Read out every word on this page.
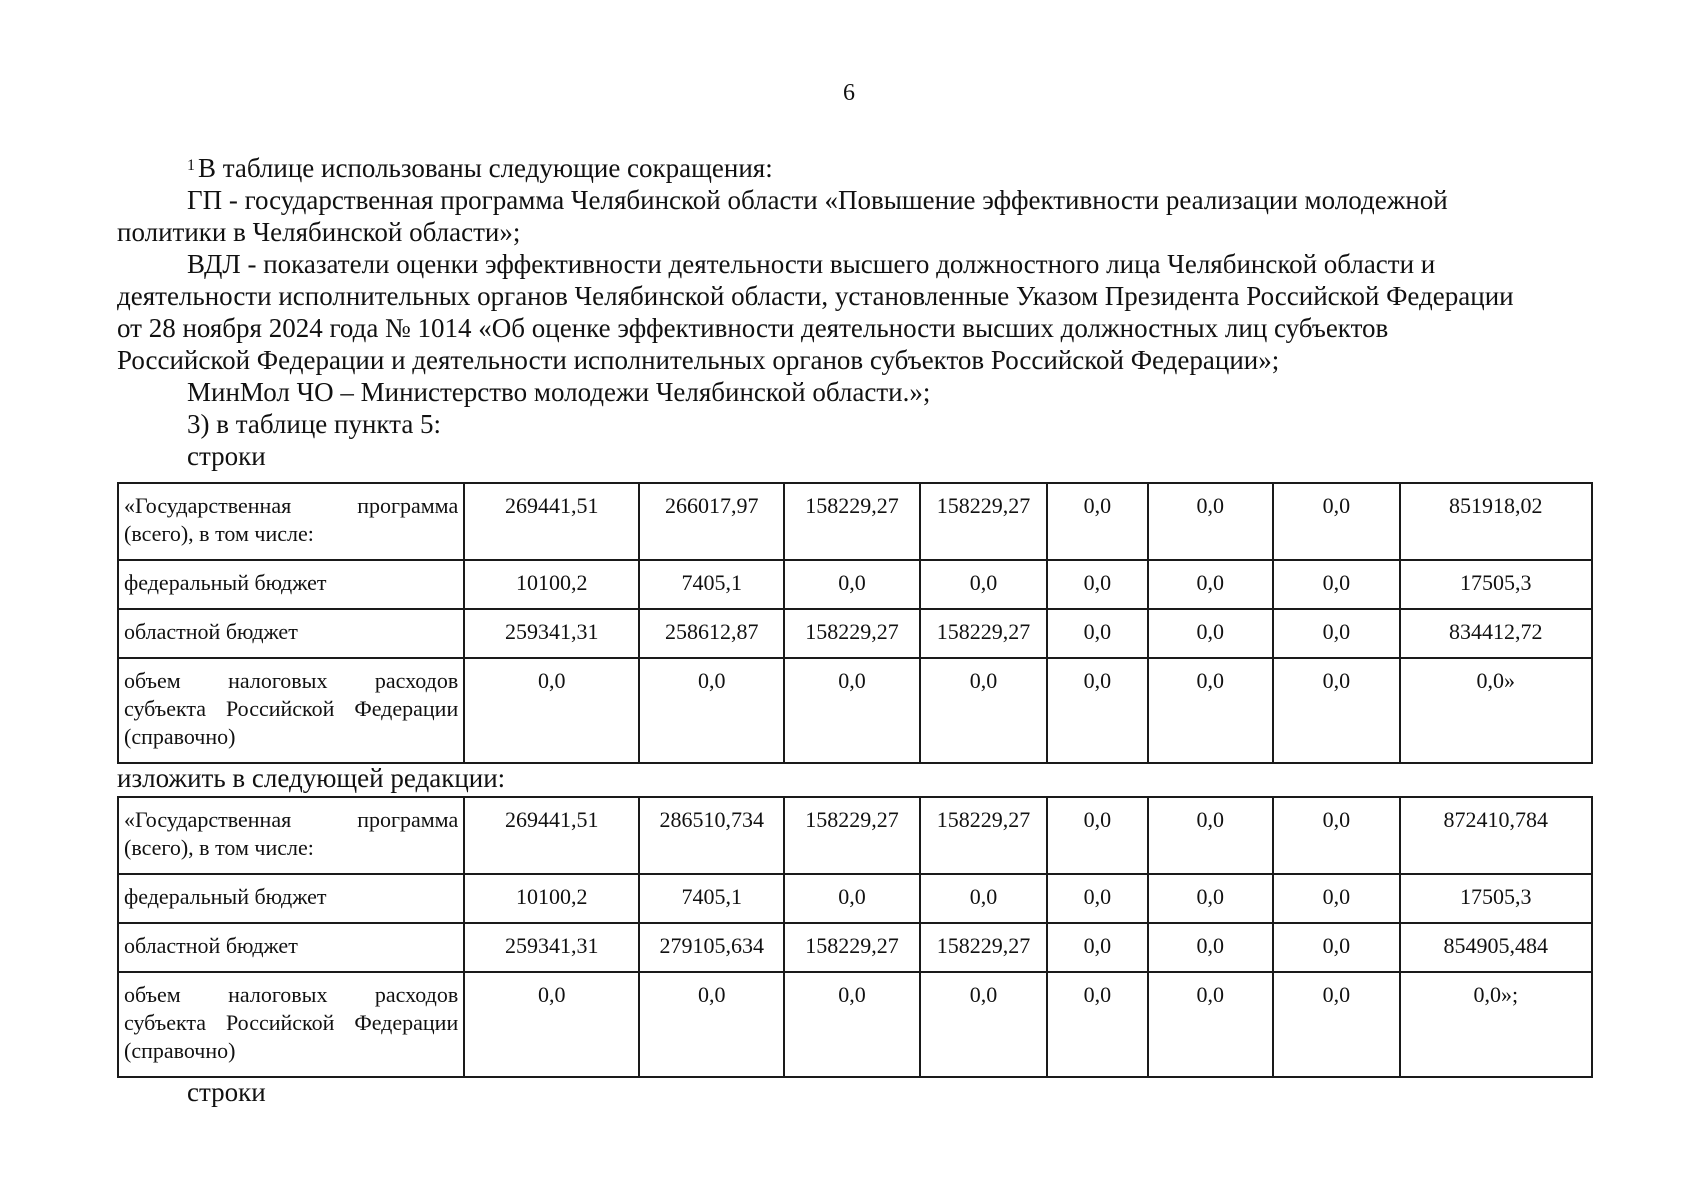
6

$^1$ В таблице использованы следующие сокращения:

ГП - государственная программа Челябинской области «Повышение эффективности реализации молодежной

политики в Челябинской области»;

ВДЛ - показатели оценки эффективности деятельности высшего должностного лица Челябинской области и

деятельности исполнительных органов Челябинской области, установленные Указом Президента Российской Федерации

от 28 ноября 2024 года № 1014 «Об оценке эффективности деятельности высших должностных лиц субъектов

Российской Федерации и деятельности исполнительных органов субъектов Российской Федерации»;

МинМол ЧО – Министерство молодежи Челябинской области.»;

3) в таблице пункта 5:

строки

«Государственная программа (всего), в том числе:	269441,51	266017,97	158229,27	158229,27	0,0	0,0	0,0	851918,02
федеральный бюджет	10100,2	7405,1	0,0	0,0	0,0	0,0	0,0	17505,3
областной бюджет	259341,31	258612,87	158229,27	158229,27	0,0	0,0	0,0	834412,72
объем налоговых расходов субъекта Российской Федерации (справочно)	0,0	0,0	0,0	0,0	0,0	0,0	0,0	0,0»
изложить в следующей редакции:
«Государственная программа (всего), в том числе:	269441,51	286510,734	158229,27	158229,27	0,0	0,0	0,0	872410,784
федеральный бюджет	10100,2	7405,1	0,0	0,0	0,0	0,0	0,0	17505,3
областной бюджет	259341,31	279105,634	158229,27	158229,27	0,0	0,0	0,0	854905,484
объем налоговых расходов субъекта Российской Федерации (справочно)	0,0	0,0	0,0	0,0	0,0	0,0	0,0	0,0»;
строки
